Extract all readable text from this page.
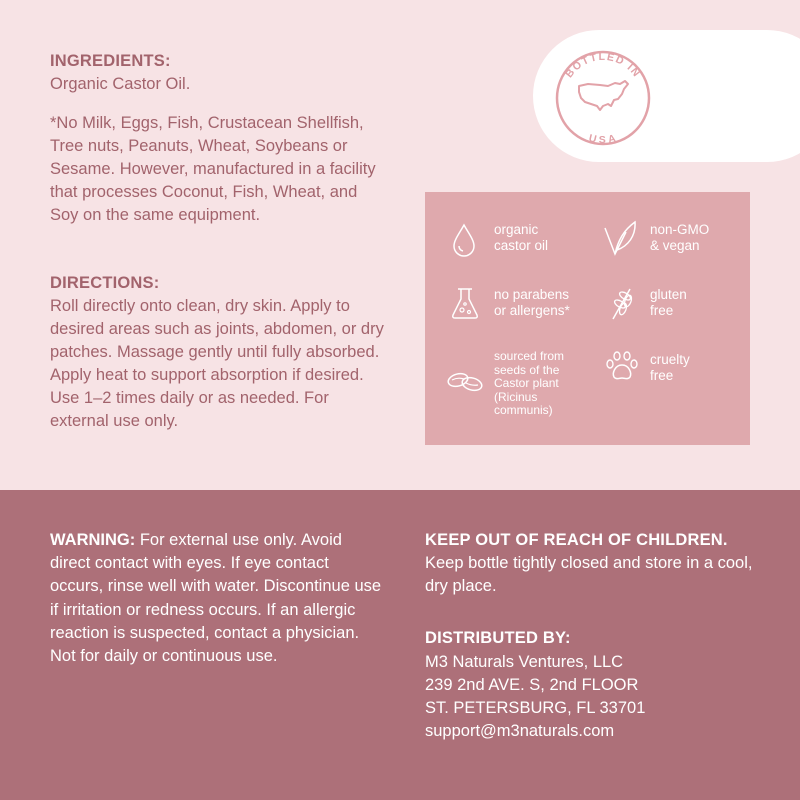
INGREDIENTS:
Organic Castor Oil.
*No Milk, Eggs, Fish, Crustacean Shellfish, Tree nuts, Peanuts, Wheat, Soybeans or Sesame. However, manufactured in a facility that processes Coconut, Fish, Wheat, and Soy on the same equipment.
DIRECTIONS:
Roll directly onto clean, dry skin. Apply to desired areas such as joints, abdomen, or dry patches. Massage gently until fully absorbed. Apply heat to support absorption if desired. Use 1–2 times daily or as needed. For external use only.
BOTTLED IN
USA
organic
castor oil
non-GMO
& vegan
no parabens
or allergens*
gluten
free
sourced from
seeds of the
Castor plant
(Ricinus
communis)
cruelty
free
WARNING: For external use only. Avoid direct contact with eyes. If eye contact occurs, rinse well with water. Discontinue use if irritation or redness occurs. If an allergic reaction is suspected, contact a physician. Not for daily or continuous use.
KEEP OUT OF REACH OF CHILDREN.
Keep bottle tightly closed and store in a cool, dry place.
DISTRIBUTED BY:
M3 Naturals Ventures, LLC
239 2nd AVE. S, 2nd FLOOR
ST. PETERSBURG, FL 33701
support@m3naturals.com
